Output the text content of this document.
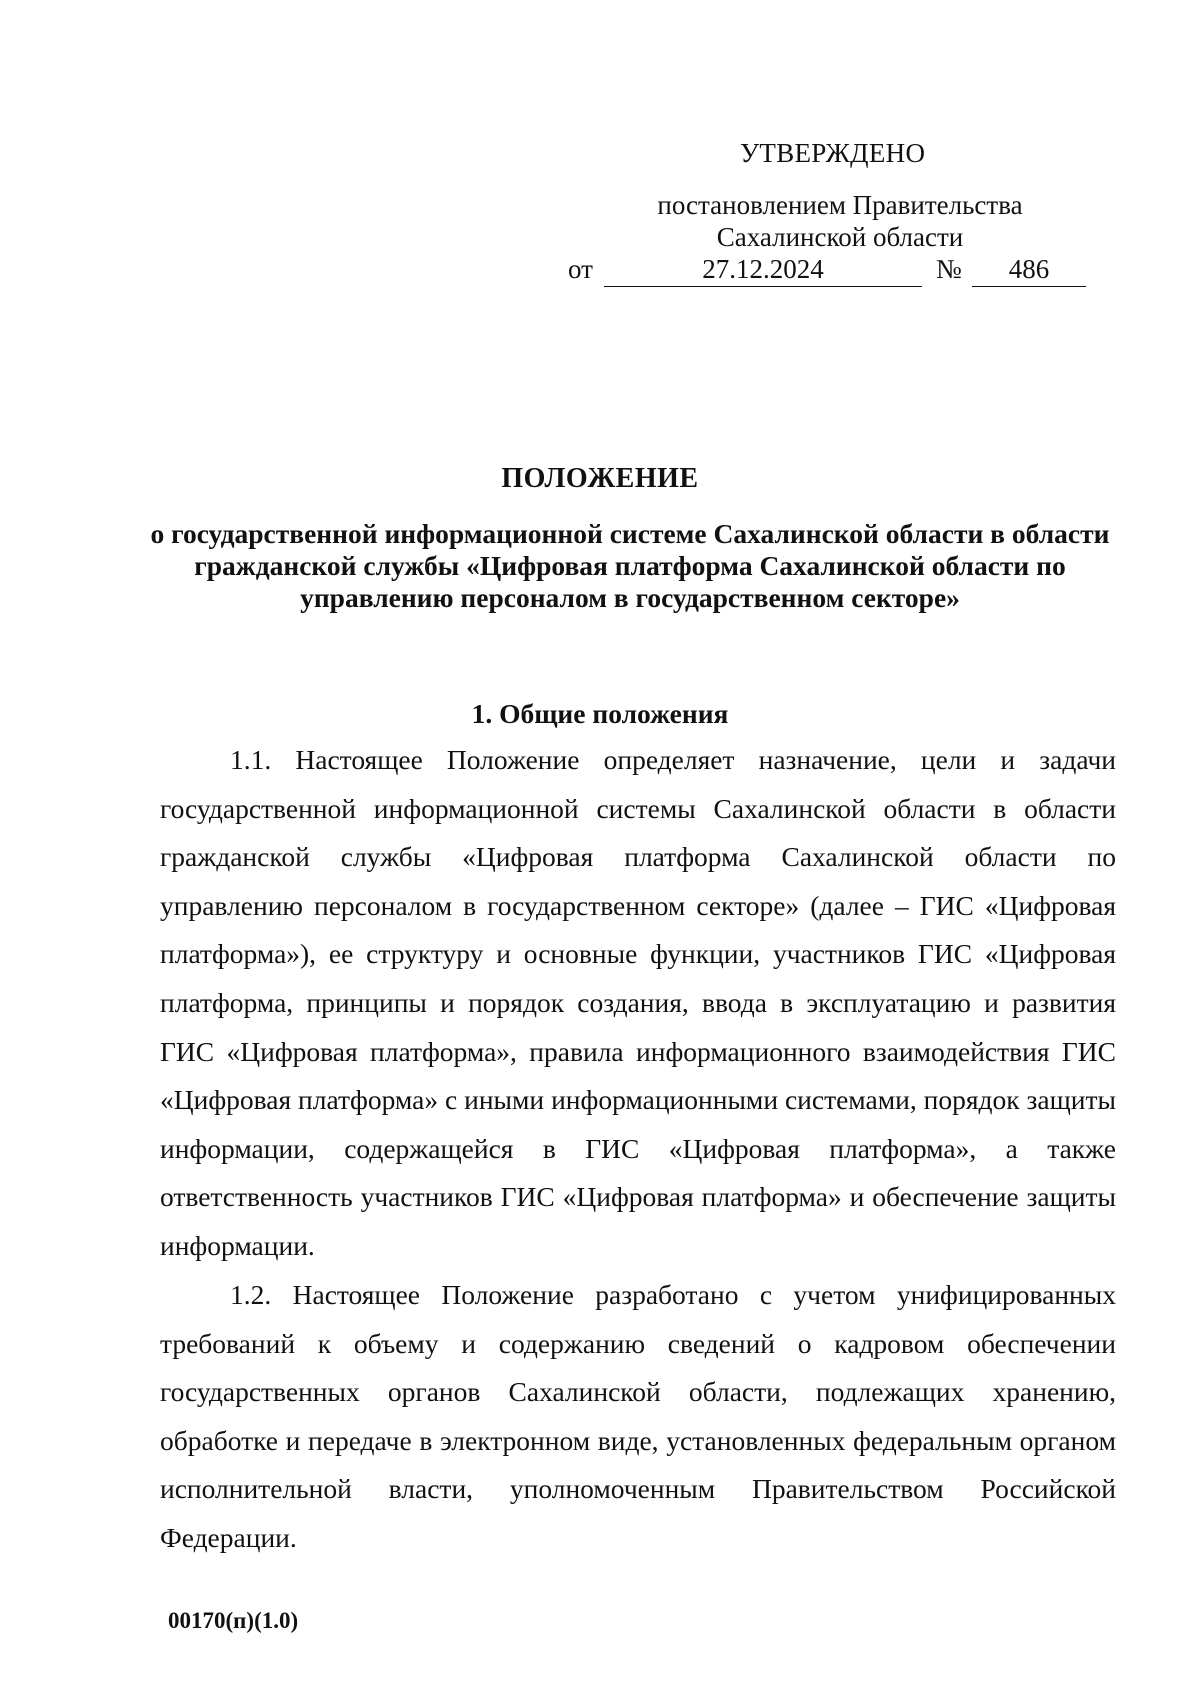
УТВЕРЖДЕНО
постановлением Правительства
Сахалинской области
от	27.12.2024	№	486
ПОЛОЖЕНИЕ
о государственной информационной системе Сахалинской области в области гражданской службы «Цифровая платформа Сахалинской области по управлению персоналом в государственном секторе»
1. Общие положения
1.1. Настоящее Положение определяет назначение, цели и задачи государственной информационной системы Сахалинской области в области гражданской службы «Цифровая платформа Сахалинской области по управлению персоналом в государственном секторе» (далее – ГИС «Цифровая платформа»), ее структуру и основные функции, участников ГИС «Цифровая платформа, принципы и порядок создания, ввода в эксплуатацию и развития ГИС «Цифровая платформа», правила информационного взаимодействия ГИС «Цифровая платформа» с иными информационными системами, порядок защиты информации, содержащейся в ГИС «Цифровая платформа», а также ответственность участников ГИС «Цифровая платформа» и обеспечение защиты информации.
1.2. Настоящее Положение разработано с учетом унифицированных требований к объему и содержанию сведений о кадровом обеспечении государственных органов Сахалинской области, подлежащих хранению, обработке и передаче в электронном виде, установленных федеральным органом исполнительной власти, уполномоченным Правительством Российской Федерации.
00170(п)(1.0)
